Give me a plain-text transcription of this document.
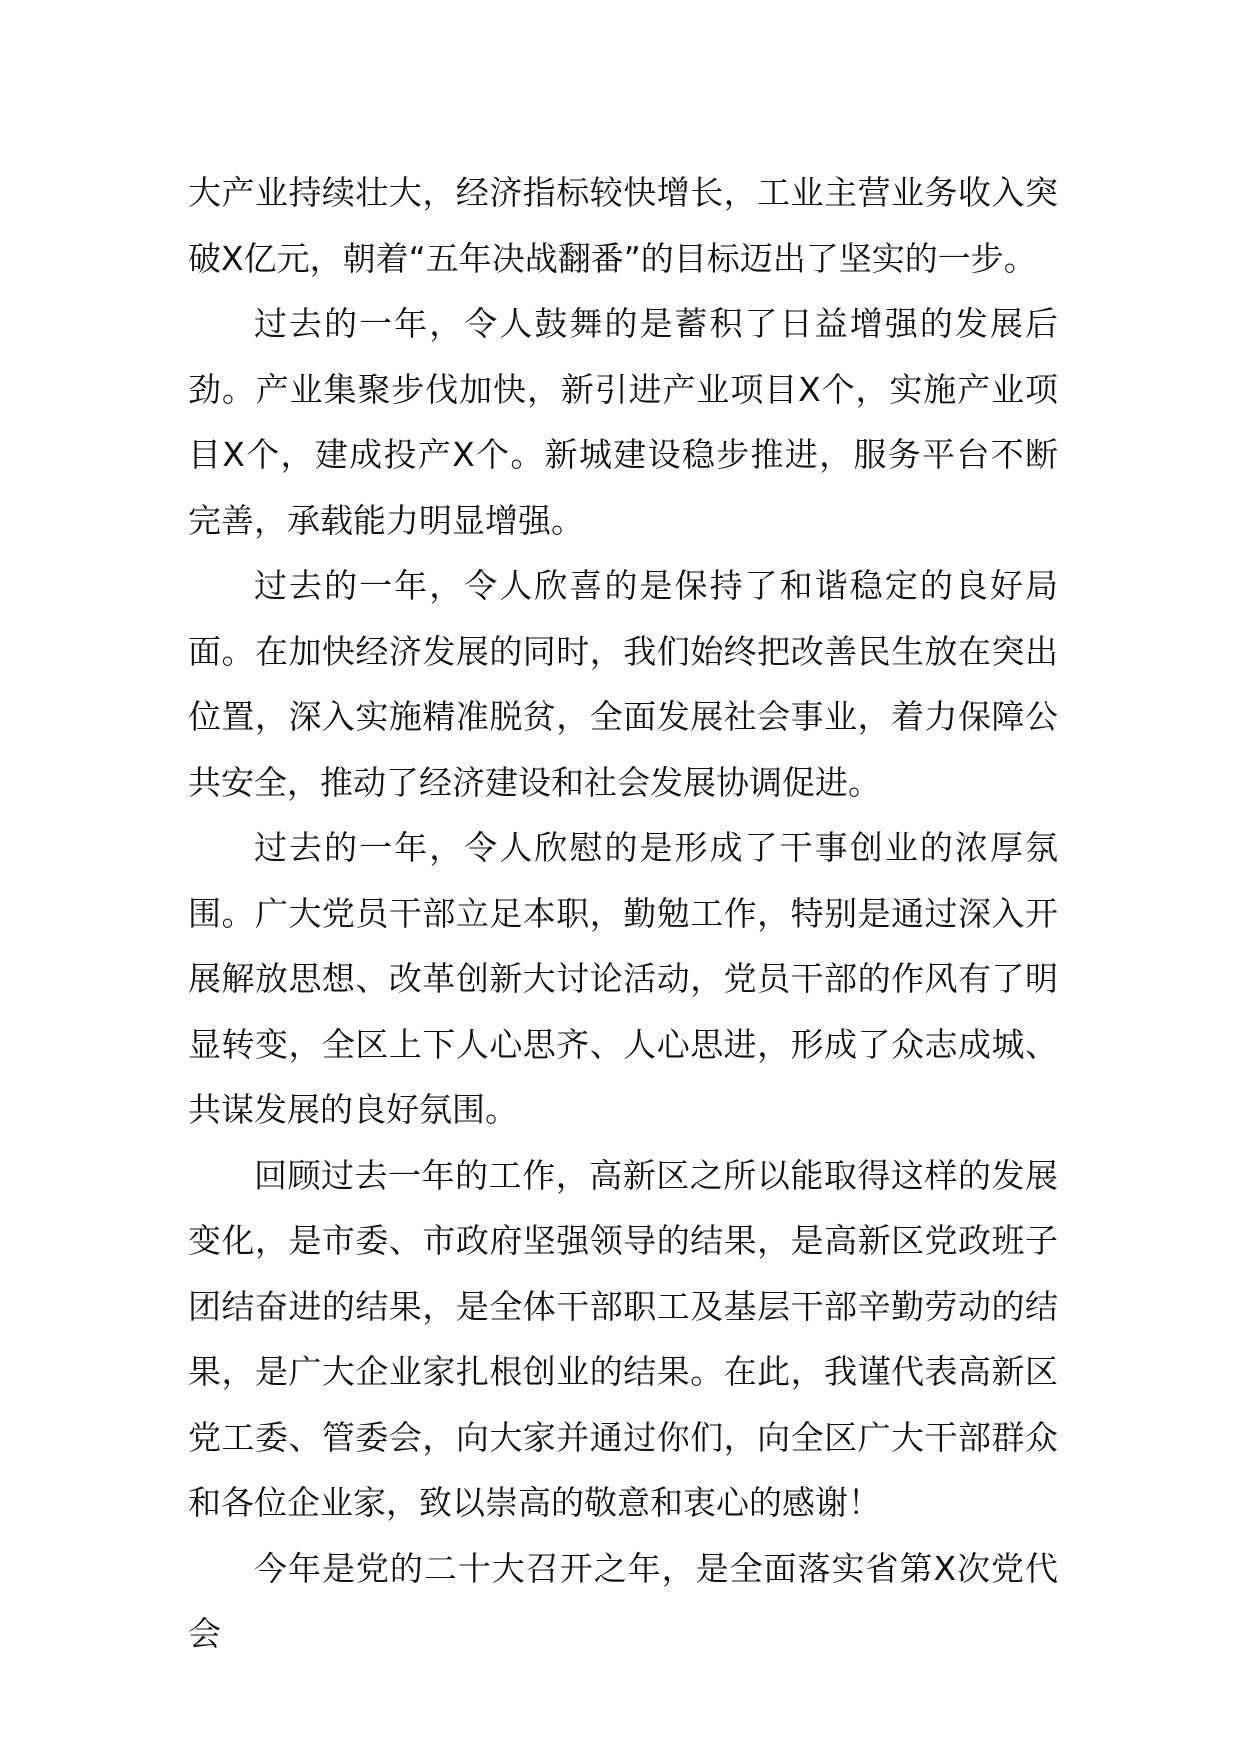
大产业持续壮大，经济指标较快增长，工业主营业务收入突破X亿元，朝着“五年决战翻番”的目标迈出了坚实的一步。

过去的一年，令人鼓舞的是蓄积了日益增强的发展后劲。产业集聚步伐加快，新引进产业项目X个，实施产业项目X个，建成投产X个。新城建设稳步推进，服务平台不断完善，承载能力明显增强。

过去的一年，令人欣喜的是保持了和谐稳定的良好局面。在加快经济发展的同时，我们始终把改善民生放在突出位置，深入实施精准脱贫，全面发展社会事业，着力保障公共安全，推动了经济建设和社会发展协调促进。

过去的一年，令人欣慰的是形成了干事创业的浓厚氛围。广大党员干部立足本职，勤勉工作，特别是通过深入开展解放思想、改革创新大讨论活动，党员干部的作风有了明显转变，全区上下人心思齐、人心思进，形成了众志成城、共谋发展的良好氛围。

回顾过去一年的工作，高新区之所以能取得这样的发展变化，是市委、市政府坚强领导的结果，是高新区党政班子团结奋进的结果，是全体干部职工及基层干部辛勤劳动的结果，是广大企业家扎根创业的结果。在此，我谨代表高新区党工委、管委会，向大家并通过你们，向全区广大干部群众和各位企业家，致以崇高的敬意和衷心的感谢！

今年是党的二十大召开之年，是全面落实省第X次党代会
